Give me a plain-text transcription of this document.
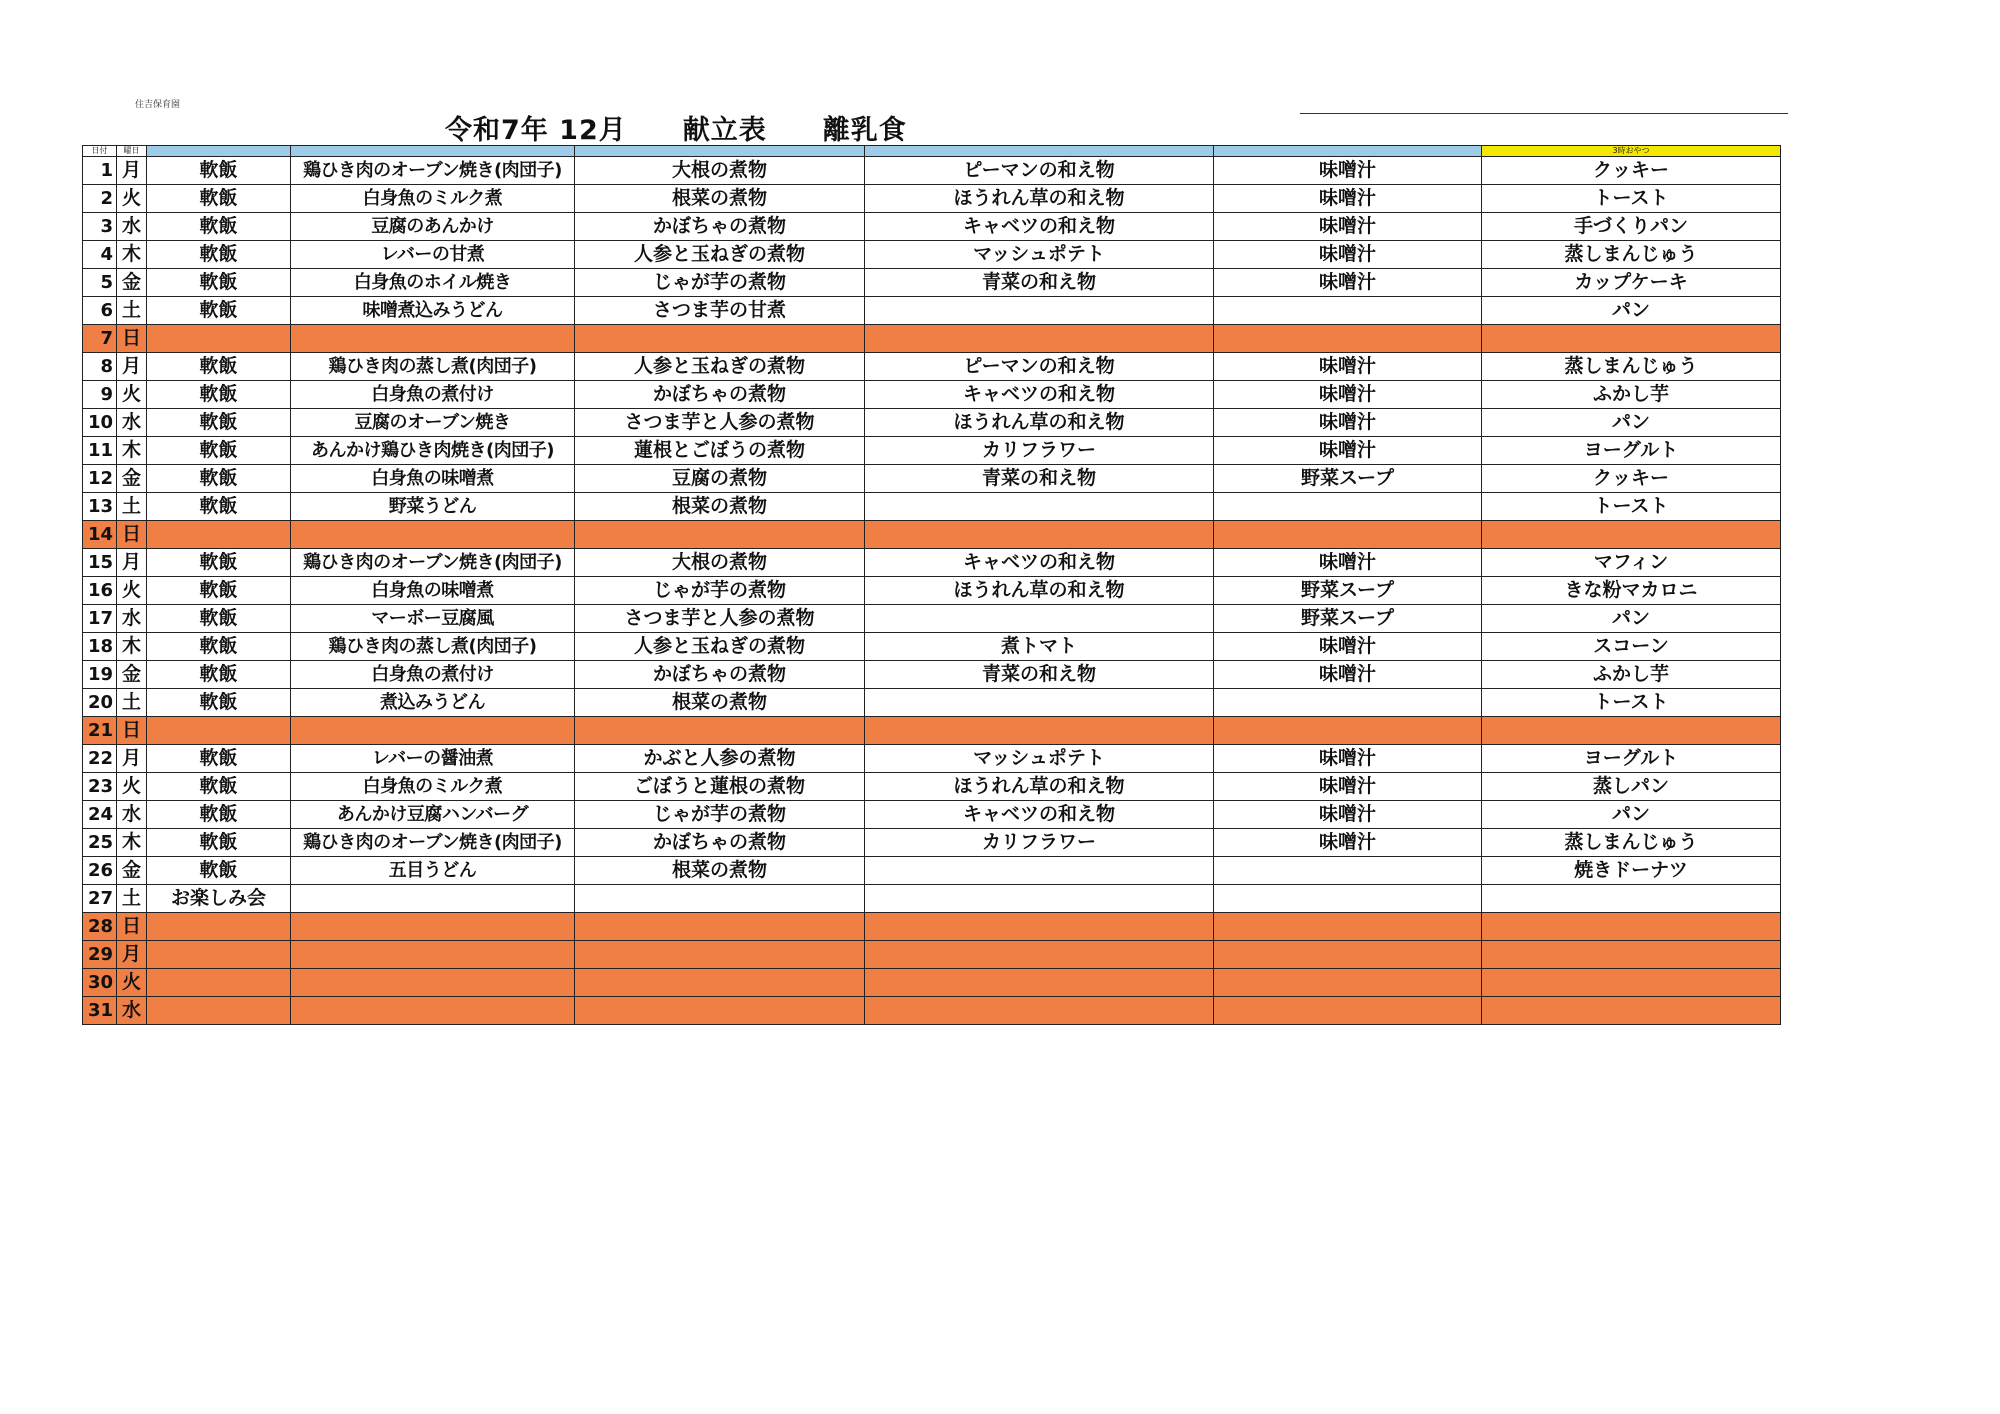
住吉保育園
令和7年 12月　　献立表　　離乳食
日付	曜日						3時おやつ
1	月	軟飯	鶏ひき肉のオーブン焼き(肉団子)	大根の煮物	ピーマンの和え物	味噌汁	クッキー
2	火	軟飯	白身魚のミルク煮	根菜の煮物	ほうれん草の和え物	味噌汁	トースト
3	水	軟飯	豆腐のあんかけ	かぼちゃの煮物	キャベツの和え物	味噌汁	手づくりパン
4	木	軟飯	レバーの甘煮	人参と玉ねぎの煮物	マッシュポテト	味噌汁	蒸しまんじゅう
5	金	軟飯	白身魚のホイル焼き	じゃが芋の煮物	青菜の和え物	味噌汁	カップケーキ
6	土	軟飯	味噌煮込みうどん	さつま芋の甘煮			パン
7	日						
8	月	軟飯	鶏ひき肉の蒸し煮(肉団子)	人参と玉ねぎの煮物	ピーマンの和え物	味噌汁	蒸しまんじゅう
9	火	軟飯	白身魚の煮付け	かぼちゃの煮物	キャベツの和え物	味噌汁	ふかし芋
10	水	軟飯	豆腐のオーブン焼き	さつま芋と人参の煮物	ほうれん草の和え物	味噌汁	パン
11	木	軟飯	あんかけ鶏ひき肉焼き(肉団子)	蓮根とごぼうの煮物	カリフラワー	味噌汁	ヨーグルト
12	金	軟飯	白身魚の味噌煮	豆腐の煮物	青菜の和え物	野菜スープ	クッキー
13	土	軟飯	野菜うどん	根菜の煮物			トースト
14	日						
15	月	軟飯	鶏ひき肉のオーブン焼き(肉団子)	大根の煮物	キャベツの和え物	味噌汁	マフィン
16	火	軟飯	白身魚の味噌煮	じゃが芋の煮物	ほうれん草の和え物	野菜スープ	きな粉マカロニ
17	水	軟飯	マーボー豆腐風	さつま芋と人参の煮物		野菜スープ	パン
18	木	軟飯	鶏ひき肉の蒸し煮(肉団子)	人参と玉ねぎの煮物	煮トマト	味噌汁	スコーン
19	金	軟飯	白身魚の煮付け	かぼちゃの煮物	青菜の和え物	味噌汁	ふかし芋
20	土	軟飯	煮込みうどん	根菜の煮物			トースト
21	日						
22	月	軟飯	レバーの醤油煮	かぶと人参の煮物	マッシュポテト	味噌汁	ヨーグルト
23	火	軟飯	白身魚のミルク煮	ごぼうと蓮根の煮物	ほうれん草の和え物	味噌汁	蒸しパン
24	水	軟飯	あんかけ豆腐ハンバーグ	じゃが芋の煮物	キャベツの和え物	味噌汁	パン
25	木	軟飯	鶏ひき肉のオーブン焼き(肉団子)	かぼちゃの煮物	カリフラワー	味噌汁	蒸しまんじゅう
26	金	軟飯	五目うどん	根菜の煮物			焼きドーナツ
27	土	お楽しみ会					
28	日						
29	月						
30	火						
31	水						
